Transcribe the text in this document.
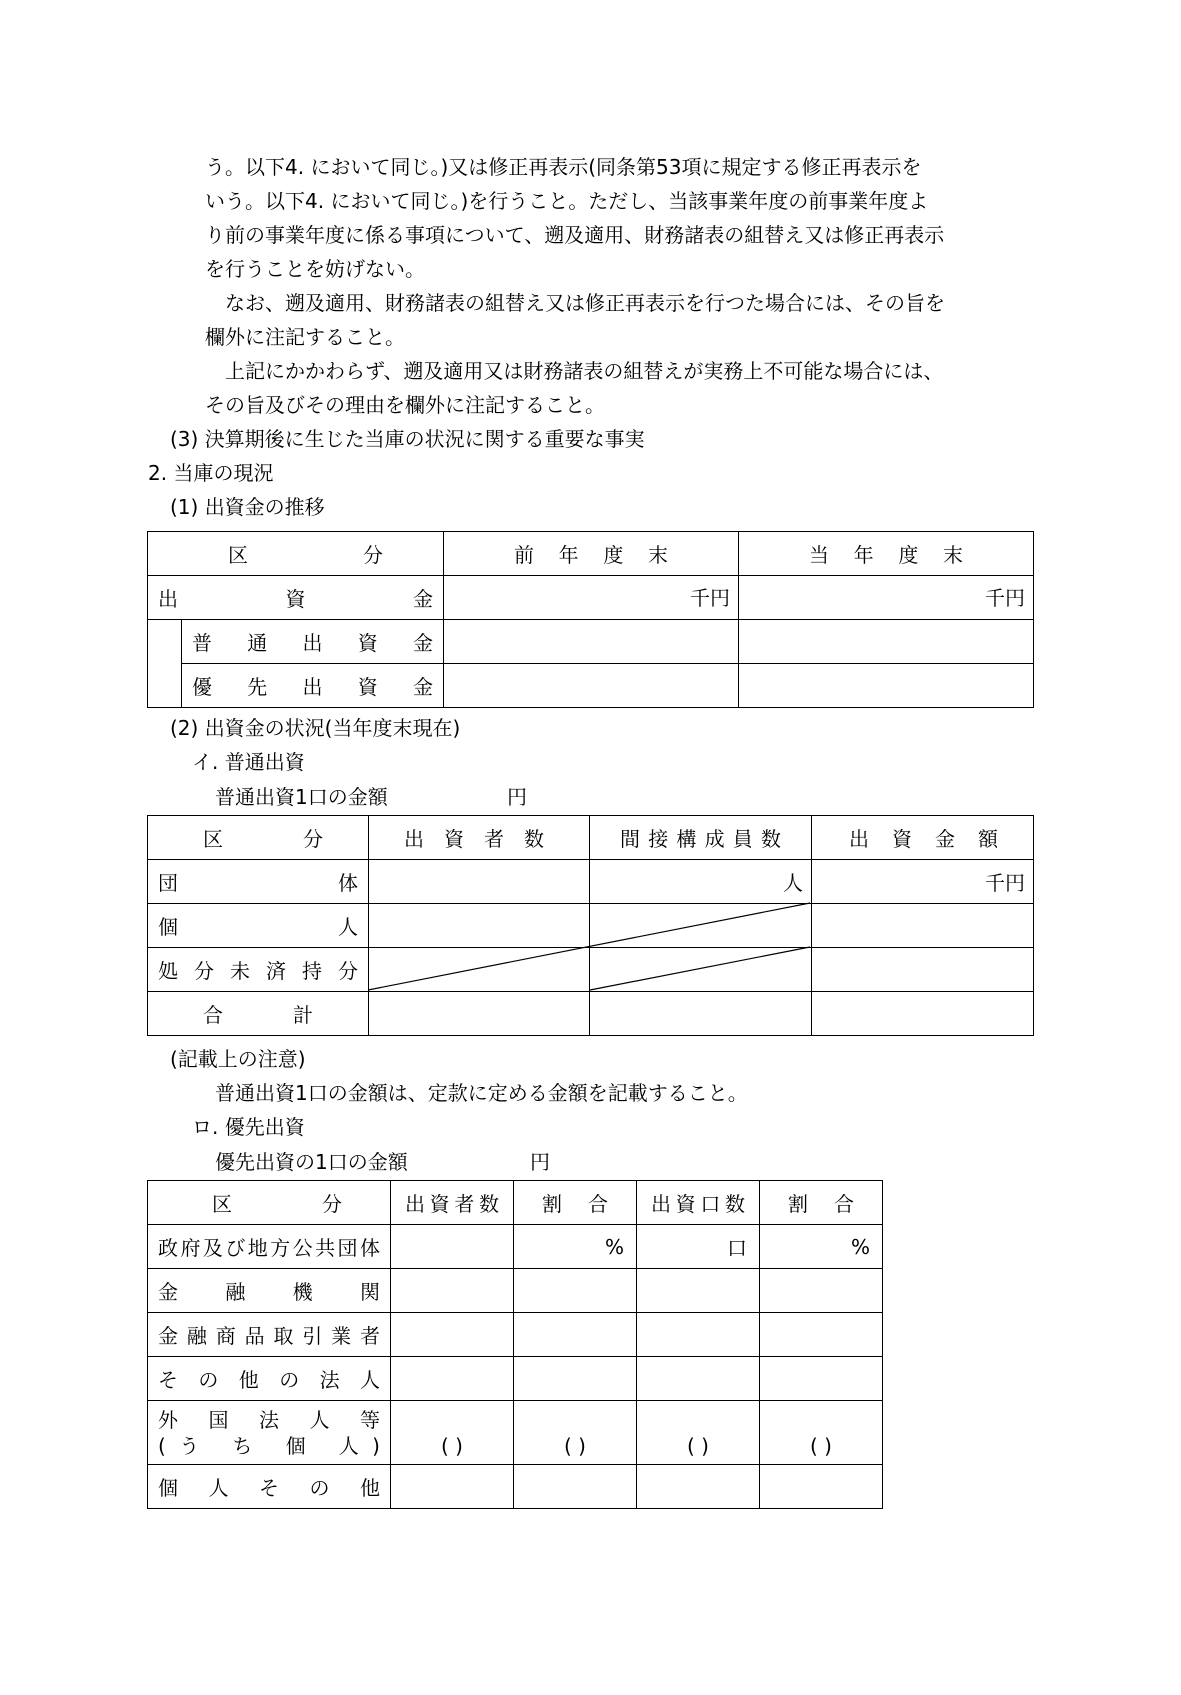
う。以下4. において同じ。)又は修正再表示(同条第53項に規定する修正再表示を
いう。以下4. において同じ。)を行うこと。ただし、当該事業年度の前事業年度よ
り前の事業年度に係る事項について、遡及適用、財務諸表の組替え又は修正再表示
を行うことを妨げない。
なお、遡及適用、財務諸表の組替え又は修正再表示を行つた場合には、その旨を
欄外に注記すること。
上記にかかわらず、遡及適用又は財務諸表の組替えが実務上不可能な場合には、
その旨及びその理由を欄外に注記すること。
(3) 決算期後に生じた当庫の状況に関する重要な事実
2. 当庫の現況
(1) 出資金の推移
区 分		前 年 度 末	当 年 度 末

出 資 金		千円	千円

	普 通 出 資 金		

	優 先 出 資 金		

(2) 出資金の状況(当年度末現在)
イ. 普通出資
普通出資1口の金額	円
区 分	出 資 者 数	間接構成員数	出 資 金 額

団 体		人	千円

個 人			

処分未済持分			

合 計			

(記載上の注意)
普通出資1口の金額は、定款に定める金額を記載すること。
ロ. 優先出資
優先出資の1口の金額	円
区 分	出資者数	割 合	出資口数	割 合

政府及び地方公共団体		%	口	%

金 融 機 関				

金融商品取引業者				

そ の 他 の 法 人				

外 国 法 人 等
(う ち 個 人)	( )	( )	( )	( )

個 人 そ の 他				
